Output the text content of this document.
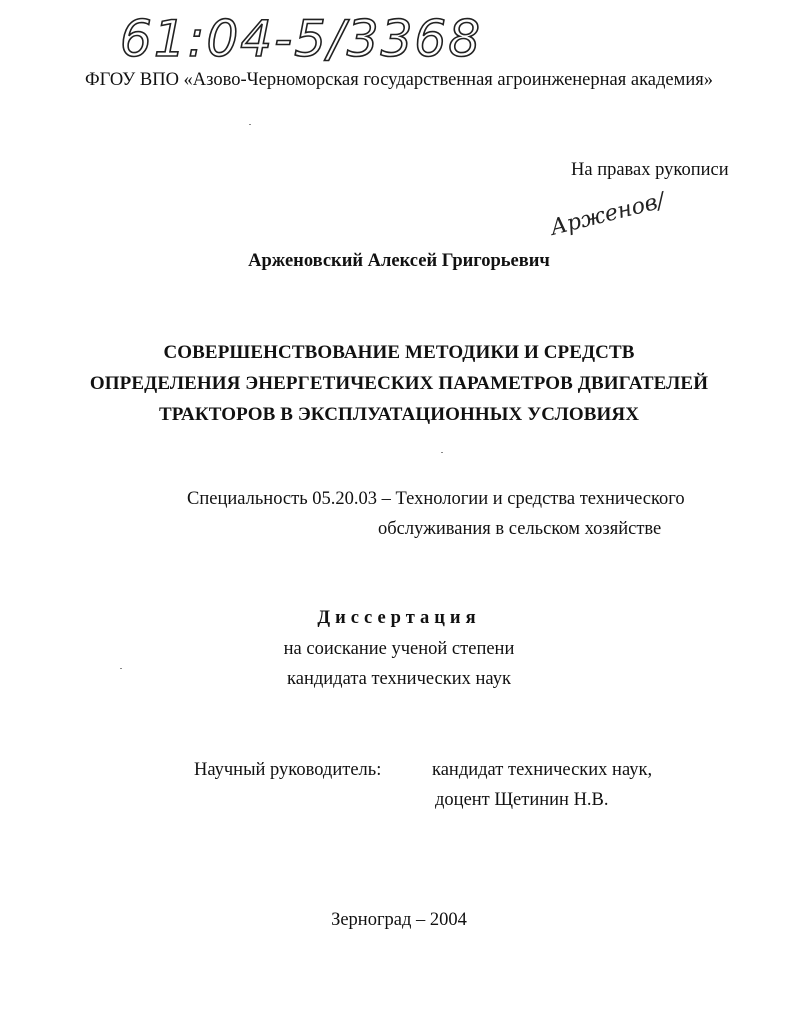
61:04-5/3368
ФГОУ ВПО «Азово-Черноморская государственная агроинженерная академия»
На правах рукописи
Арженов/
Арженовский Алексей Григорьевич
СОВЕРШЕНСТВОВАНИЕ МЕТОДИКИ И СРЕДСТВ
ОПРЕДЕЛЕНИЯ ЭНЕРГЕТИЧЕСКИХ ПАРАМЕТРОВ ДВИГАТЕЛЕЙ
ТРАКТОРОВ В ЭКСПЛУАТАЦИОННЫХ УСЛОВИЯХ
Специальность 05.20.03 – Технологии и средства технического
обслуживания в сельском хозяйстве
Диссертация
на соискание ученой степени
кандидата технических наук
Научный руководитель:	кандидат технических наук,
доцент Щетинин Н.В.
Зерноград – 2004
